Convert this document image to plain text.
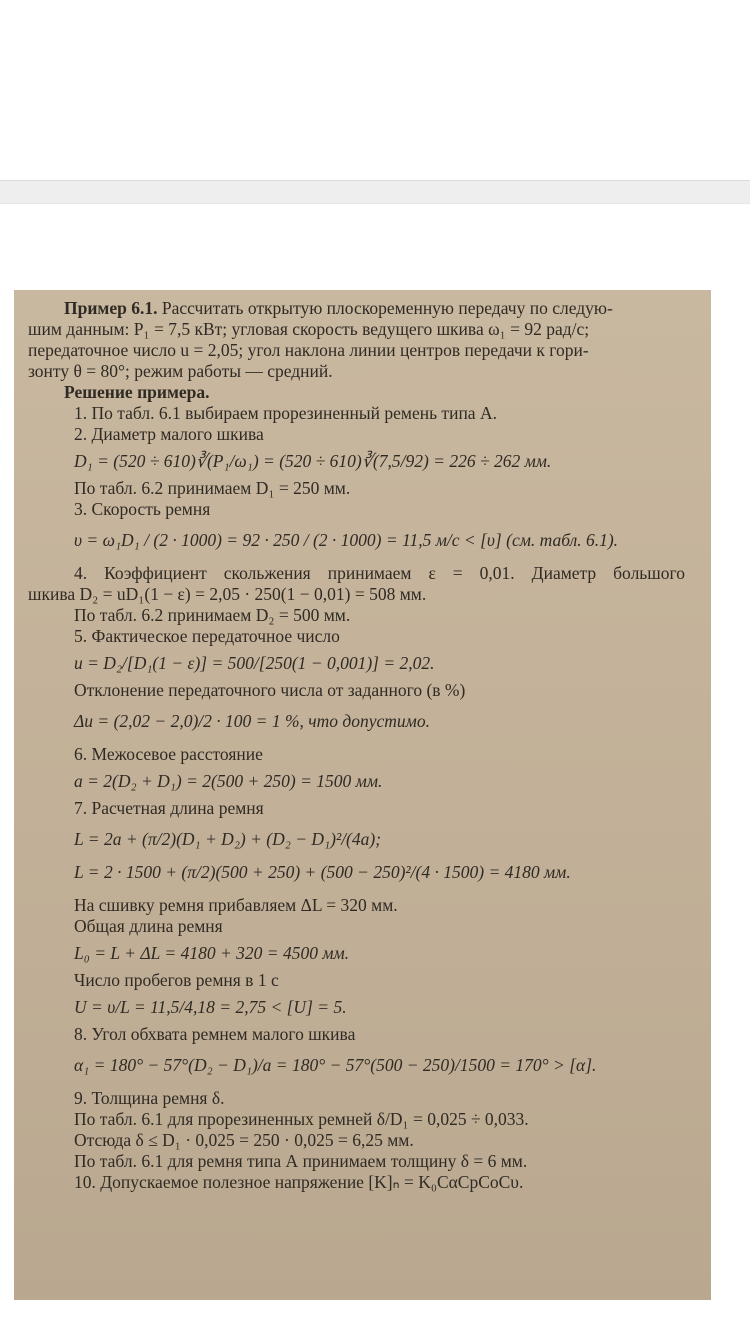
Пример 6.1. Рассчитать открытую плоскоременную передачу по следую-
шим данным: P₁ = 7,5 кВт; угловая скорость ведущего шкива ω₁ = 92 рад/с;
передаточное число u = 2,05; угол наклона линии центров передачи к гори-
зонту θ = 80°; режим работы — средний.
Решение примера.
1. По табл. 6.1 выбираем прорезиненный ремень типа А.
2. Диаметр малого шкива
D₁ = (520 ÷ 610)∛(P₁/ω₁) = (520 ÷ 610)∛(7,5/92) = 226 ÷ 262 мм.
По табл. 6.2 принимаем D₁ = 250 мм.
3. Скорость ремня
υ = ω₁D₁ / (2 · 1000) = 92 · 250 / (2 · 1000) = 11,5 м/с < [υ] (см. табл. 6.1).
4. Коэффициент скольжения принимаем ε = 0,01. Диаметр большого
шкива D₂ = uD₁(1 − ε) = 2,05 · 250(1 − 0,01) = 508 мм.
По табл. 6.2 принимаем D₂ = 500 мм.
5. Фактическое передаточное число
u = D₂/[D₁(1 − ε)] = 500/[250(1 − 0,001)] = 2,02.
Отклонение передаточного числа от заданного (в %)
Δu = (2,02 − 2,0)/2 · 100 = 1 %, что допустимо.
6. Межосевое расстояние
a = 2(D₂ + D₁) = 2(500 + 250) = 1500 мм.
7. Расчетная длина ремня
L = 2a + (π/2)(D₁ + D₂) + (D₂ − D₁)²/(4a);
L = 2 · 1500 + (π/2)(500 + 250) + (500 − 250)²/(4 · 1500) = 4180 мм.
На сшивку ремня прибавляем ΔL = 320 мм.
Общая длина ремня
L₀ = L + ΔL = 4180 + 320 = 4500 мм.
Число пробегов ремня в 1 с
U = υ/L = 11,5/4,18 = 2,75 < [U] = 5.
8. Угол обхвата ремнем малого шкива
α₁ = 180° − 57°(D₂ − D₁)/a = 180° − 57°(500 − 250)/1500 = 170° > [α].
9. Толщина ремня δ.
По табл. 6.1 для прорезиненных ремней δ/D₁ = 0,025 ÷ 0,033.
Отсюда δ ≤ D₁ · 0,025 = 250 · 0,025 = 6,25 мм.
По табл. 6.1 для ремня типа А принимаем толщину δ = 6 мм.
10. Допускаемое полезное напряжение [K]ₙ = K₀CαCpCoCυ.
